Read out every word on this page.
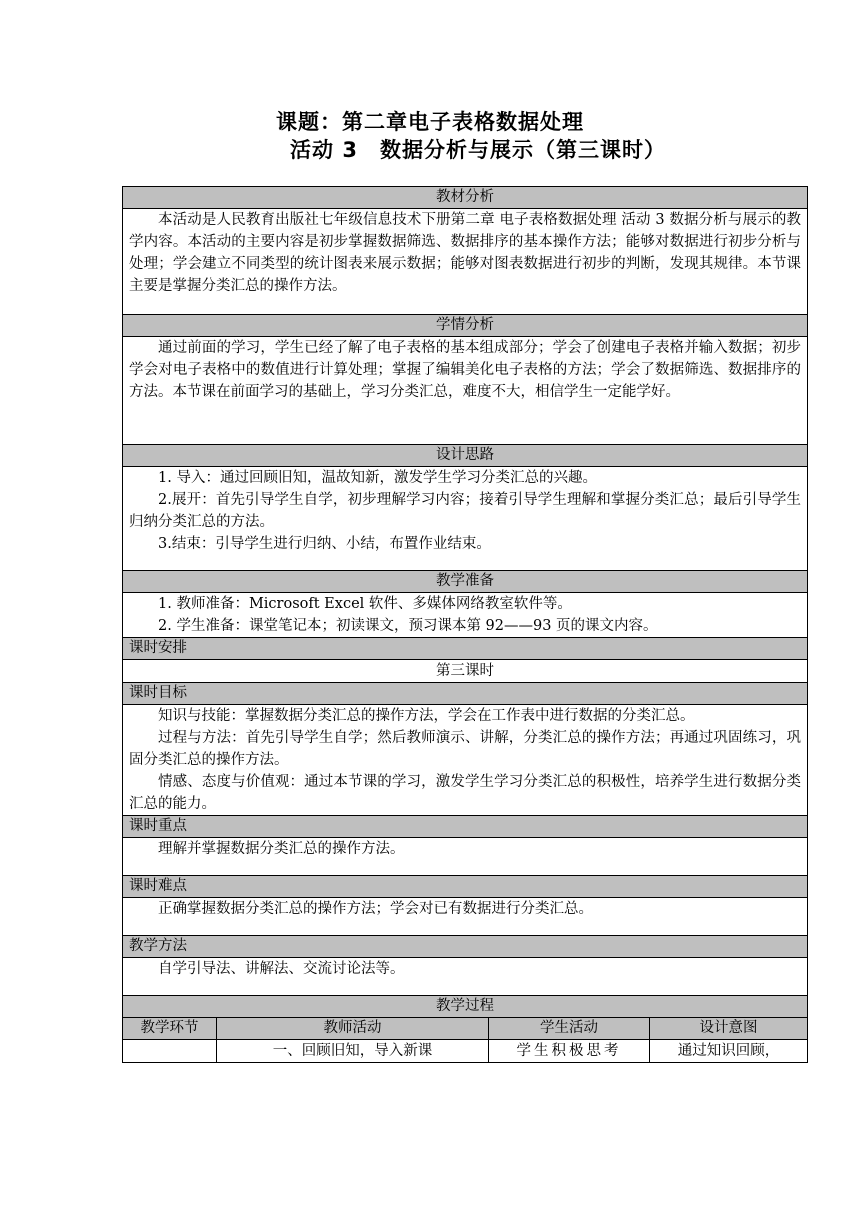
课题：第二章电子表格数据处理
活动 3　数据分析与展示（第三课时）
教材分析			

本活动是人民教育出版社七年级信息技术下册第二章 电子表格数据处理 活动 3 数据分析与展示的教学内容。本活动的主要内容是初步掌握数据筛选、数据排序的基本操作方法；能够对数据进行初步分析与处理；学会建立不同类型的统计图表来展示数据；能够对图表数据进行初步的判断，发现其规律。本节课主要是掌握分类汇总的操作方法。			

学情分析			

通过前面的学习，学生已经了解了电子表格的基本组成部分；学会了创建电子表格并输入数据；初步学会对电子表格中的数值进行计算处理；掌握了编辑美化电子表格的方法；学会了数据筛选、数据排序的方法。本节课在前面学习的基础上，学习分类汇总，难度不大，相信学生一定能学好。			

设计思路			

1. 导入：通过回顾旧知，温故知新，激发学生学习分类汇总的兴趣。

2.展开：首先引导学生自学，初步理解学习内容；接着引导学生理解和掌握分类汇总；最后引导学生归纳分类汇总的方法。

3.结束：引导学生进行归纳、小结，布置作业结束。			

教学准备			

1. 教师准备：Microsoft Excel 软件、多媒体网络教室软件等。

2. 学生准备：课堂笔记本；初读课文，预习课本第 92——93 页的课文内容。			

课时安排			
第三课时			
课时目标			

知识与技能：掌握数据分类汇总的操作方法，学会在工作表中进行数据的分类汇总。

过程与方法：首先引导学生自学；然后教师演示、讲解，分类汇总的操作方法；再通过巩固练习，巩固分类汇总的操作方法。

情感、态度与价值观：通过本节课的学习，激发学生学习分类汇总的积极性，培养学生进行数据分类汇总的能力。			

课时重点			

理解并掌握数据分类汇总的操作方法。			

课时难点			

正确掌握数据分类汇总的操作方法；学会对已有数据进行分类汇总。			

教学方法			

自学引导法、讲解法、交流讨论法等。			

教学过程			
教学环节	教师活动	学生活动	设计意图
	一、回顾旧知，导入新课	学生积极思考	通过知识回顾，
